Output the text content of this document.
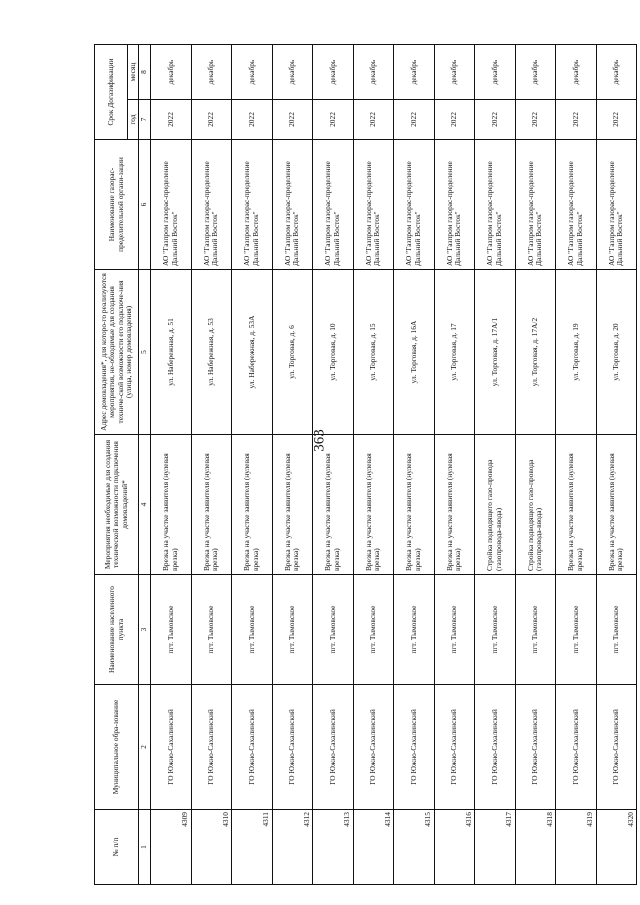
363
№ п/п	Муниципальное обра-зование	Наименование населенного пункта	Мероприятия необходимые для создания технической возможности подключения домовладений*	Адрес домовладения*, для которо-го реализуются мероприятия, не-обходимые для создания техниче-ской возможности его подключе-ния (улица, номер домовладения)	Наименование газорас-пределительной органи-зации	Срок Догазификации	
						год	месяц
1	2	3	4	5	6	7	8
4309	ГО Южно-Сахалинский	пгт. Тымовское	Врезка на участке заявителя (нулевая врезка)	ул. Набережная, д. 51	АО "Газпром газорас-пределение Дальний Восток"	2022	декабрь
4310	ГО Южно-Сахалинский	пгт. Тымовское	Врезка на участке заявителя (нулевая врезка)	ул. Набережная, д. 53	АО "Газпром газорас-пределение Дальний Восток"	2022	декабрь
4311	ГО Южно-Сахалинский	пгт. Тымовское	Врезка на участке заявителя (нулевая врезка)	ул. Набережная, д. 53А	АО "Газпром газорас-пределение Дальний Восток"	2022	декабрь
4312	ГО Южно-Сахалинский	пгт. Тымовское	Врезка на участке заявителя (нулевая врезка)	ул. Торговая, д. 6	АО "Газпром газорас-пределение Дальний Восток"	2022	декабрь
4313	ГО Южно-Сахалинский	пгт. Тымовское	Врезка на участке заявителя (нулевая врезка)	ул. Торговая, д. 10	АО "Газпром газорас-пределение Дальний Восток"	2022	декабрь
4314	ГО Южно-Сахалинский	пгт. Тымовское	Врезка на участке заявителя (нулевая врезка)	ул. Торговая, д. 15	АО "Газпром газорас-пределение Дальний Восток"	2022	декабрь
4315	ГО Южно-Сахалинский	пгт. Тымовское	Врезка на участке заявителя (нулевая врезка)	ул. Торговая, д. 16А	АО "Газпром газорас-пределение Дальний Восток"	2022	декабрь
4316	ГО Южно-Сахалинский	пгт. Тымовское	Врезка на участке заявителя (нулевая врезка)	ул. Торговая, д. 17	АО "Газпром газорас-пределение Дальний Восток"	2022	декабрь
4317	ГО Южно-Сахалинский	пгт. Тымовское	Стройка подводящего газо-провода (газопровода-ввода)	ул. Торговая, д. 17А/1	АО "Газпром газорас-пределение Дальний Восток"	2022	декабрь
4318	ГО Южно-Сахалинский	пгт. Тымовское	Стройка подводящего газо-провода (газопровода-ввода)	ул. Торговая, д. 17А/2	АО "Газпром газорас-пределение Дальний Восток"	2022	декабрь
4319	ГО Южно-Сахалинский	пгт. Тымовское	Врезка на участке заявителя (нулевая врезка)	ул. Торговая, д. 19	АО "Газпром газорас-пределение Дальний Восток"	2022	декабрь
4320	ГО Южно-Сахалинский	пгт. Тымовское	Врезка на участке заявителя (нулевая врезка)	ул. Торговая, д. 20	АО "Газпром газорас-пределение Дальний Восток"	2022	декабрь
